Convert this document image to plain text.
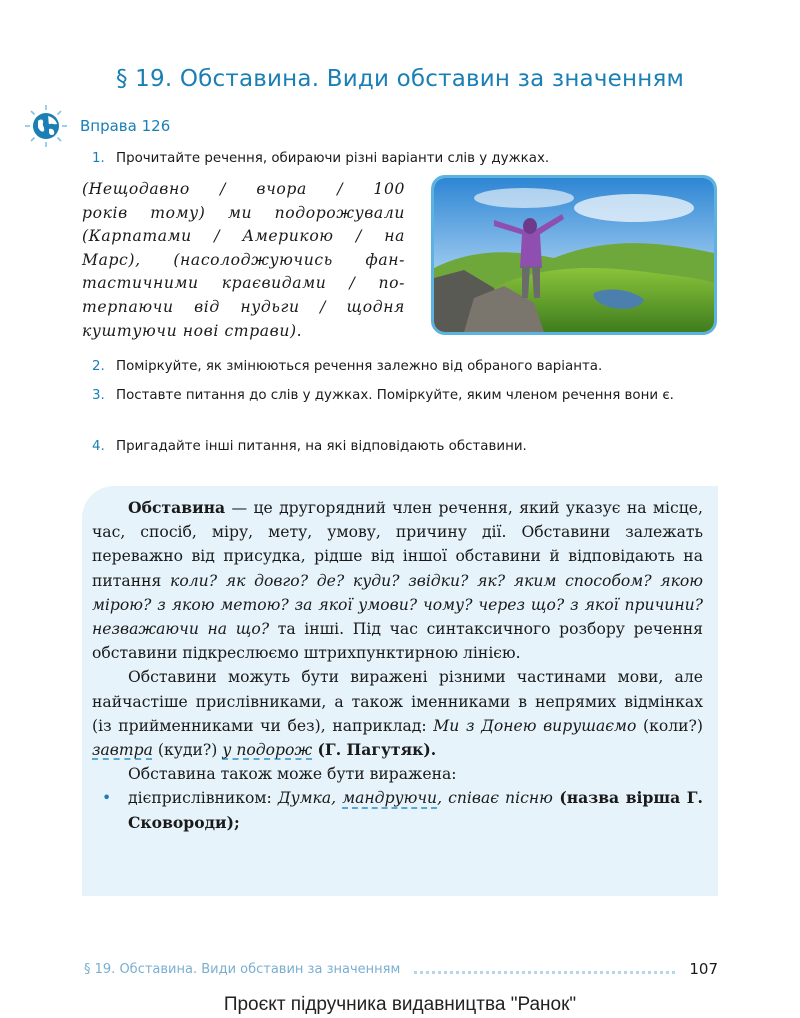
§ 19. Обставина. Види обставин за значенням
Вправа 126
1. Прочитайте речення, обираючи різні варіанти слів у дужках.
(Нещодавно / вчора / 100
років тому) ми подорожували
(Карпатами / Америкою / на
Марс), (насолоджуючись фан-
тастичними краєвидами / по-
терпаючи від нудьги / щодня
куштуючи нові страви).
2. Поміркуйте, як змінюються речення залежно від обраного варіанта.
3. Поставте питання до слів у дужках. Поміркуйте, яким членом речення вони є.
4. Пригадайте інші питання, на які відповідають обставини.

Обставина — це другорядний член речення, який указує на місце, час, спосіб, міру, мету, умову, причину дії. Обставини залежать переважно від присудка, рідше від іншої обставини й відповідають на питання коли? як довго? де? куди? звідки? як? яким способом? якою мірою? з якою метою? за якої умови? чому? через що? з якої причини? незважаючи на що? та інші. Під час синтаксичного розбору речення обставини підкреслюємо штрихпунктирною лінією.

Обставини можуть бути виражені різними частинами мови, але найчастіше прислівниками, а також іменниками в непрямих відмінках (із прийменниками чи без), наприклад: Ми з Донею вирушаємо (коли?) завтра (куди?) у подорож (Г. Пагутяк).

Обставина також може бути виражена:

• дієприслівником: Думка, мандруючи, співає пісню (назва вірша Г. Сковороди);

§ 19. Обставина. Види обставин за значенням	107
Проєкт підручника видавництва "Ранок"
